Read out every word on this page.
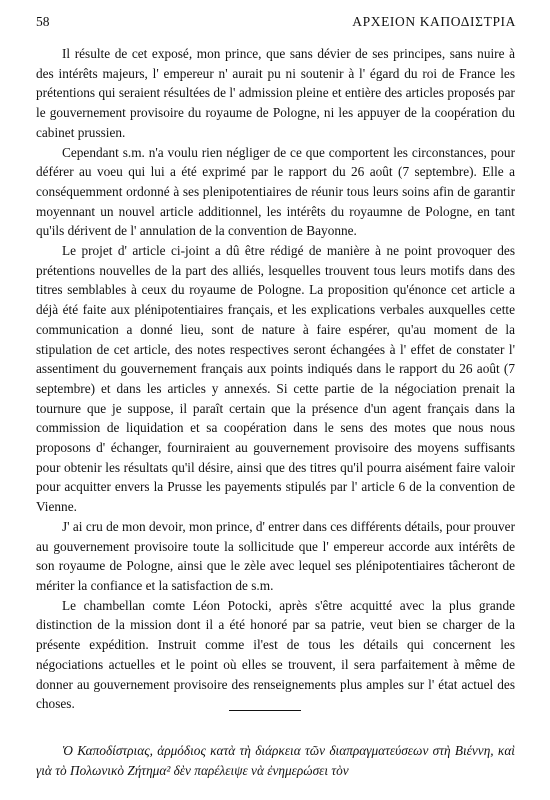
58	ΑΡΧΕΙΟΝ ΚΑΠΟΔΙΣΤΡΙΑ

Il résulte de cet exposé, mon prince, que sans dévier de ses principes, sans nuire à des intérêts majeurs, l' empereur n' aurait pu ni soutenir à l' égard du roi de France les prétentions qui seraient résultées de l' admission pleine et entière des articles proposés par le gouvernement provisoire du royaume de Pologne, ni les appuyer de la coopération du cabinet prussien.

Cependant s.m. n'a voulu rien négliger de ce que comportent les circonstances, pour déférer au voeu qui lui a été exprimé par le rapport du 26 août (7 septembre). Elle a conséquemment ordonné à ses plenipotentiaires de réunir tous leurs soins afin de garantir moyennant un nouvel article additionnel, les intérêts du royaumne de Pologne, en tant qu'ils dérivent de l' annulation de la convention de Bayonne.

Le projet d' article ci-joint a dû être rédigé de manière à ne point provoquer des prétentions nouvelles de la part des alliés, lesquelles trouvent tous leurs motifs dans des titres semblables à ceux du royaume de Pologne. La proposition qu'énonce cet article a déjà été faite aux plénipotentiaires français, et les explications verbales auxquelles cette communication a donné lieu, sont de nature à faire espérer, qu'au moment de la stipulation de cet article, des notes respectives seront échangées à l' effet de constater l' assentiment du gouvernement français aux points indiqués dans le rapport du 26 août (7 septembre) et dans les articles y annexés. Si cette partie de la négociation prenait la tournure que je suppose, il paraît certain que la présence d'un agent français dans la commission de liquidation et sa coopération dans le sens des motes que nous nous proposons d' échanger, fourniraient au gouvernement provisoire des moyens suffisants pour obtenir les résultats qu'il désire, ainsi que des titres qu'il pourra aisément faire valoir pour acquitter envers la Prusse les payements stipulés par l' article 6 de la convention de Vienne.

J' ai cru de mon devoir, mon prince, d' entrer dans ces différents détails, pour prouver au gouvernement provisoire toute la sollicitude que l' empereur accorde aux intérêts de son royaume de Pologne, ainsi que le zèle avec lequel ses plénipotentiaires tâcheront de mériter la confiance et la satisfaction de s.m.

Le chambellan comte Léon Potocki, après s'être acquitté avec la plus grande distinction de la mission dont il a été honoré par sa patrie, veut bien se charger de la présente expédition. Instruit comme il'est de tous les détails qui concernent les négociations actuelles et le point où elles se trouvent, il sera parfaitement à même de donner au gouvernement provisoire des renseignements plus amples sur l' état actuel des choses.

Ὁ Καποδίστριας, ἁρμόδιος κατὰ τὴ διάρκεια τῶν διαπραγματεύσεων στὴ Βιέννη, καὶ γιὰ τὸ Πολωνικὸ Ζήτημα² δὲν παρέλειψε νὰ ἐνημερώσει τὸν
